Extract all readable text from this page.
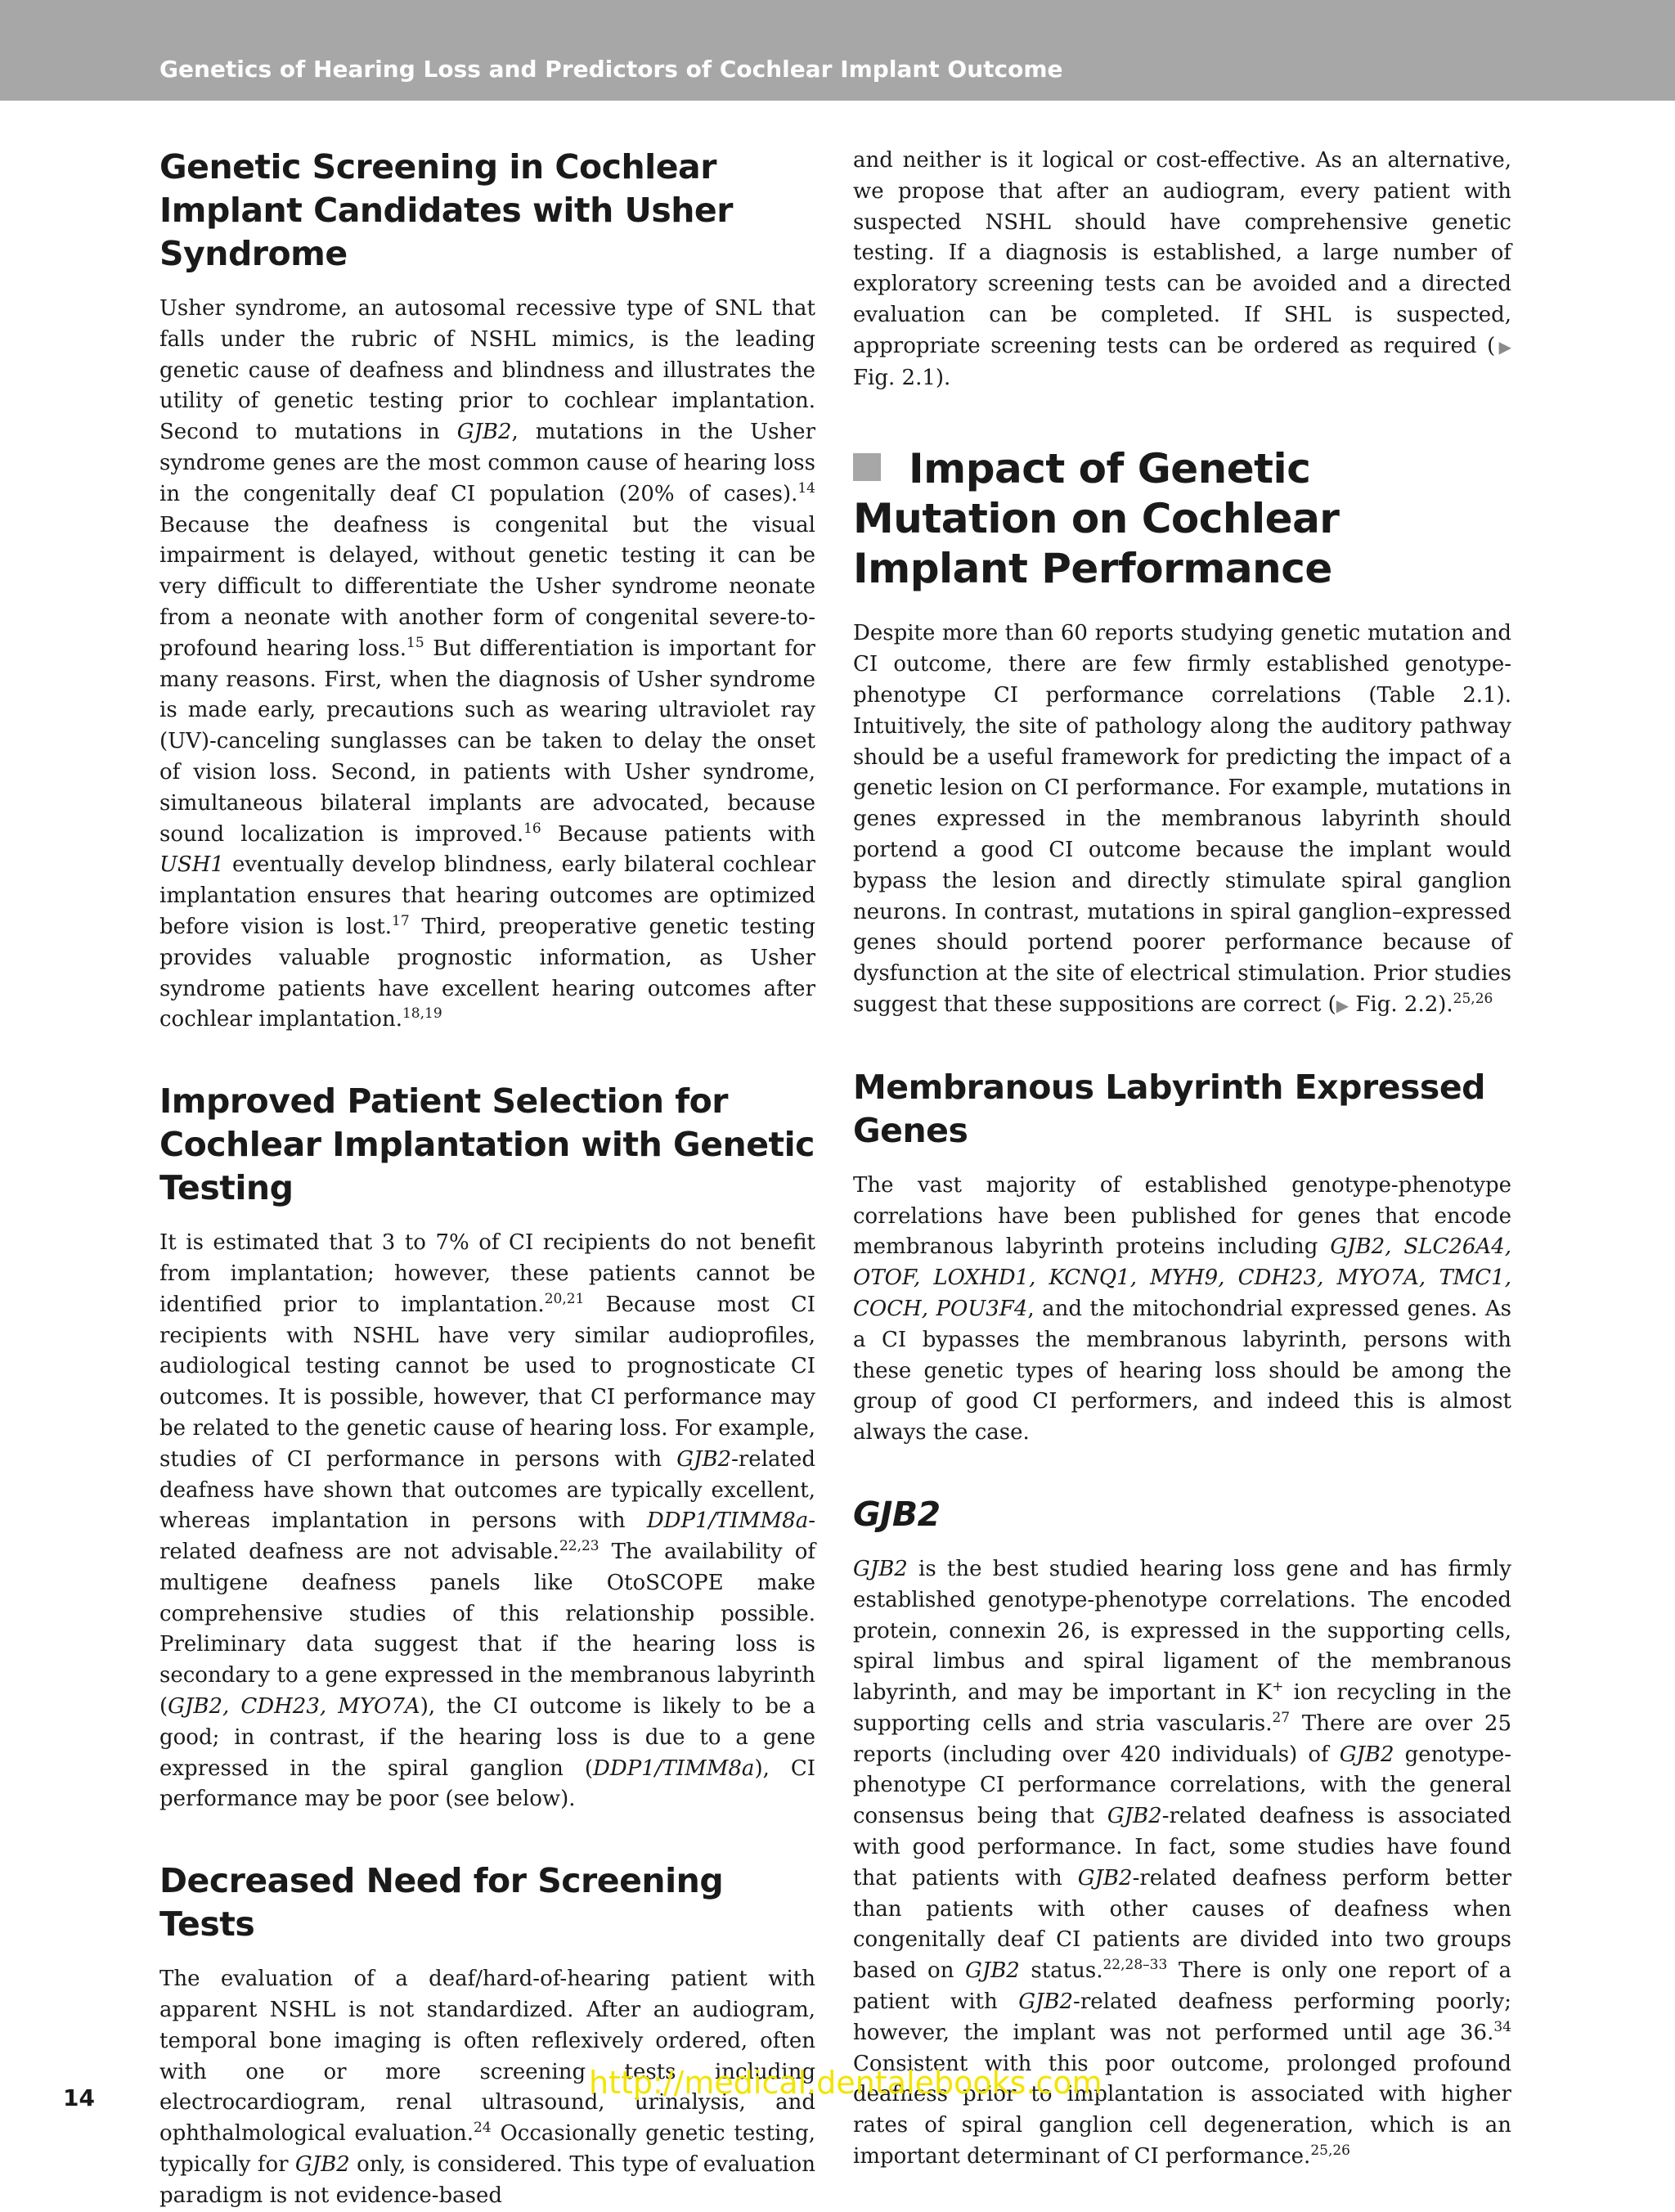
Genetics of Hearing Loss and Predictors of Cochlear Implant Outcome
Genetic Screening in Cochlear Implant Candidates with Usher Syndrome

Usher syndrome, an autosomal recessive type of SNL that falls under the rubric of NSHL mimics, is the leading genetic cause of deafness and blindness and illustrates the utility of genetic testing prior to cochlear implantation. Second to mutations in GJB2, mutations in the Usher syndrome genes are the most common cause of hearing loss in the congenitally deaf CI population (20% of cases).$^{14}$ Because the deafness is congenital but the visual impairment is delayed, without genetic testing it can be very difficult to differentiate the Usher syndrome neonate from a neonate with another form of congenital severe-to-profound hearing loss.$^{15}$ But differentiation is important for many reasons. First, when the diagnosis of Usher syndrome is made early, precautions such as wearing ultraviolet ray (UV)-canceling sunglasses can be taken to delay the onset of vision loss. Second, in patients with Usher syndrome, simultaneous bilateral implants are advocated, because sound localization is improved.$^{16}$ Because patients with USH1 eventually develop blindness, early bilateral cochlear implantation ensures that hearing outcomes are optimized before vision is lost.$^{17}$ Third, preoperative genetic testing provides valuable prognostic information, as Usher syndrome patients have excellent hearing outcomes after cochlear implantation.$^{18,19}$

Improved Patient Selection for Cochlear Implantation with Genetic Testing

It is estimated that 3 to 7% of CI recipients do not benefit from implantation; however, these patients cannot be identified prior to implantation.$^{20,21}$ Because most CI recipients with NSHL have very similar audioprofiles, audiological testing cannot be used to prognosticate CI outcomes. It is possible, however, that CI performance may be related to the genetic cause of hearing loss. For example, studies of CI performance in persons with GJB2-related deafness have shown that outcomes are typically excellent, whereas implantation in persons with DDP1/TIMM8a-related deafness are not advisable.$^{22,23}$ The availability of multigene deafness panels like OtoSCOPE make comprehensive studies of this relationship possible. Preliminary data suggest that if the hearing loss is secondary to a gene expressed in the membranous labyrinth (GJB2, CDH23, MYO7A), the CI outcome is likely to be a good; in contrast, if the hearing loss is due to a gene expressed in the spiral ganglion (DDP1/TIMM8a), CI performance may be poor (see below).

Decreased Need for Screening Tests

The evaluation of a deaf/hard-of-hearing patient with apparent NSHL is not standardized. After an audiogram, temporal bone imaging is often reflexively ordered, often with one or more screening tests including electrocardiogram, renal ultrasound, urinalysis, and ophthalmological evaluation.$^{24}$ Occasionally genetic testing, typically for GJB2 only, is considered. This type of evaluation paradigm is not evidence-based

and neither is it logical or cost-effective. As an alternative, we propose that after an audiogram, every patient with suspected NSHL should have comprehensive genetic testing. If a diagnosis is established, a large number of exploratory screening tests can be avoided and a directed evaluation can be completed. If SHL is suspected, appropriate screening tests can be ordered as required (▶ Fig. 2.1).

Impact of Genetic Mutation on Cochlear Implant Performance

Despite more than 60 reports studying genetic mutation and CI outcome, there are few firmly established genotype-phenotype CI performance correlations (Table 2.1). Intuitively, the site of pathology along the auditory pathway should be a useful framework for predicting the impact of a genetic lesion on CI performance. For example, mutations in genes expressed in the membranous labyrinth should portend a good CI outcome because the implant would bypass the lesion and directly stimulate spiral ganglion neurons. In contrast, mutations in spiral ganglion–expressed genes should portend poorer performance because of dysfunction at the site of electrical stimulation. Prior studies suggest that these suppositions are correct (▶ Fig. 2.2).$^{25,26}$

Membranous Labyrinth Expressed Genes

The vast majority of established genotype-phenotype correlations have been published for genes that encode membranous labyrinth proteins including GJB2, SLC26A4, OTOF, LOXHD1, KCNQ1, MYH9, CDH23, MYO7A, TMC1, COCH, POU3F4, and the mitochondrial expressed genes. As a CI bypasses the membranous labyrinth, persons with these genetic types of hearing loss should be among the group of good CI performers, and indeed this is almost always the case.

GJB2

GJB2 is the best studied hearing loss gene and has firmly established genotype-phenotype correlations. The encoded protein, connexin 26, is expressed in the supporting cells, spiral limbus and spiral ligament of the membranous labyrinth, and may be important in K+ ion recycling in the supporting cells and stria vascularis.$^{27}$ There are over 25 reports (including over 420 individuals) of GJB2 genotype-phenotype CI performance correlations, with the general consensus being that GJB2-related deafness is associated with good performance. In fact, some studies have found that patients with GJB2-related deafness perform better than patients with other causes of deafness when congenitally deaf CI patients are divided into two groups based on GJB2 status.$^{22,28-33}$ There is only one report of a patient with GJB2-related deafness performing poorly; however, the implant was not performed until age 36.34 Consistent with this poor outcome, prolonged profound deafness prior to implantation is associated with higher rates of spiral ganglion cell degeneration, which is an important determinant of CI performance.$^{25,26}$

14	http://medical.dentalebooks.com
